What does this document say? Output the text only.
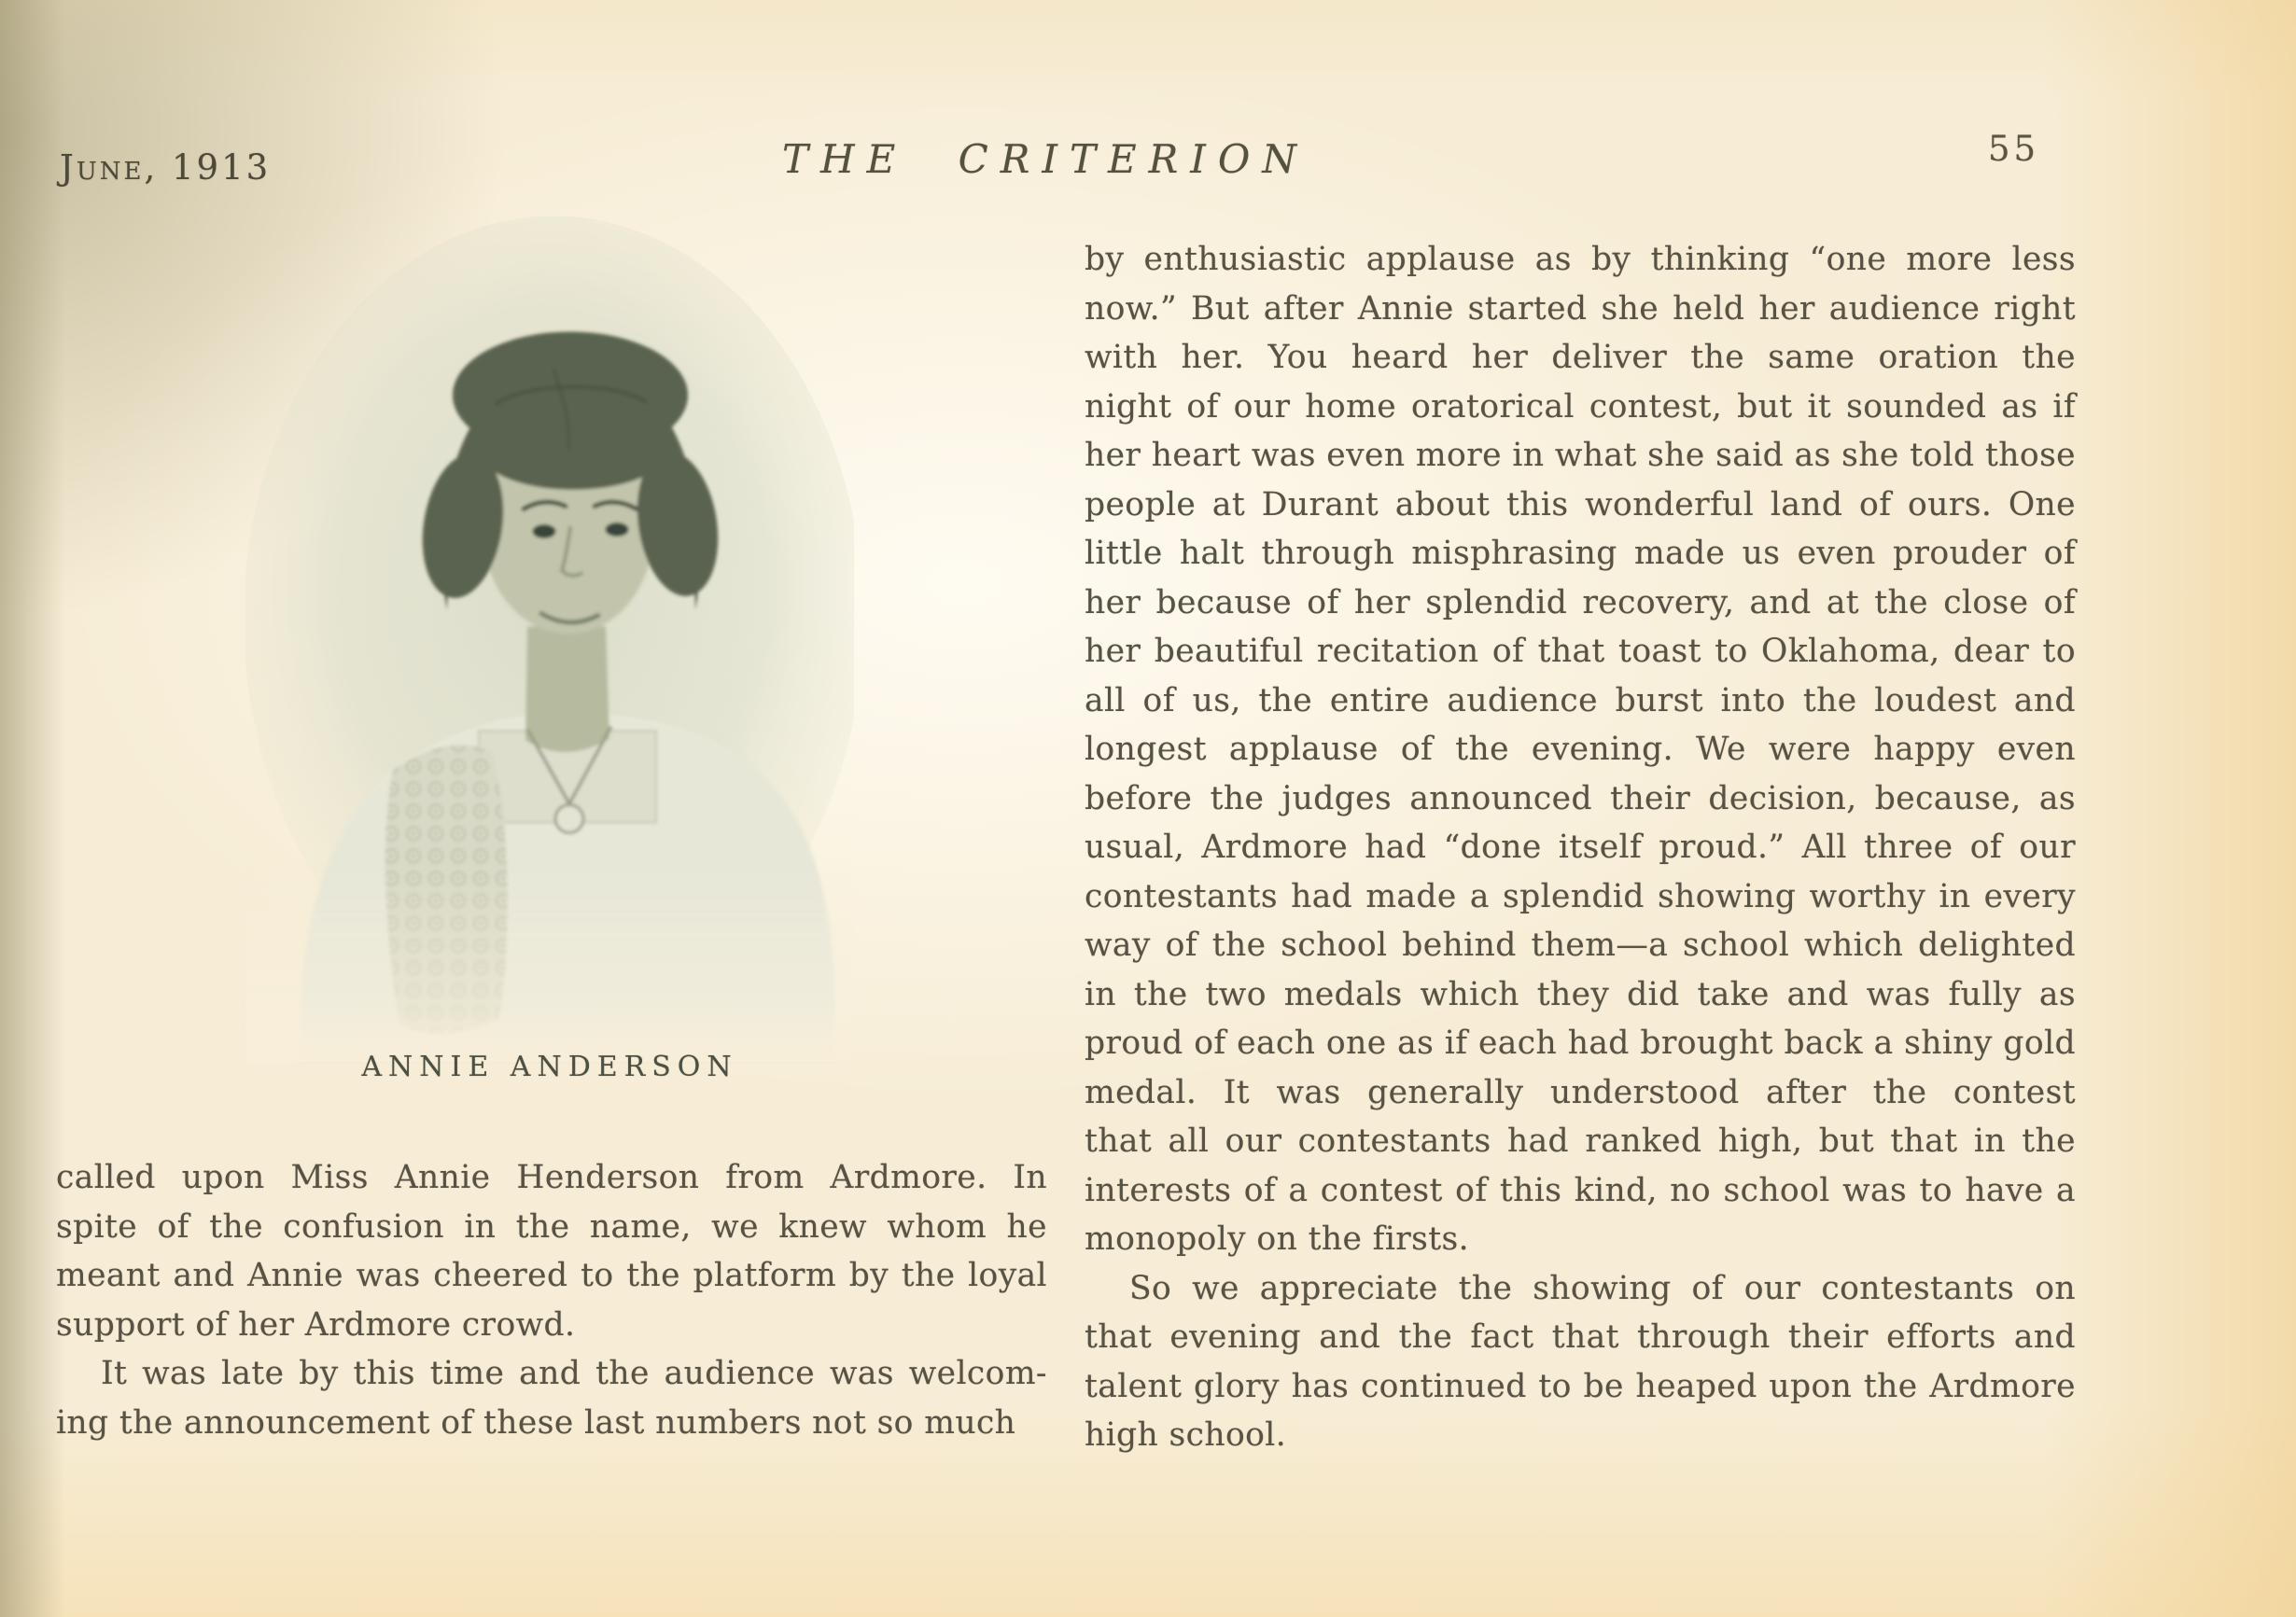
June, 1913	THE CRITERION	55
ANNIE ANDERSON
called upon Miss Annie Henderson from Ardmore. In
spite of the confusion in the name, we knew whom he
meant and Annie was cheered to the platform by the loyal
support of her Ardmore crowd.
It was late by this time and the audience was welcom-
ing the announcement of these last numbers not so much
by enthusiastic applause as by thinking “one more less
now.” But after Annie started she held her audience right
with her. You heard her deliver the same oration the
night of our home oratorical contest, but it sounded as if
her heart was even more in what she said as she told those
people at Durant about this wonderful land of ours. One
little halt through misphrasing made us even prouder of
her because of her splendid recovery, and at the close of
her beautiful recitation of that toast to Oklahoma, dear to
all of us, the entire audience burst into the loudest and
longest applause of the evening. We were happy even
before the judges announced their decision, because, as
usual, Ardmore had “done itself proud.” All three of our
contestants had made a splendid showing worthy in every
way of the school behind them—a school which delighted
in the two medals which they did take and was fully as
proud of each one as if each had brought back a shiny gold
medal. It was generally understood after the contest
that all our contestants had ranked high, but that in the
interests of a contest of this kind, no school was to have a
monopoly on the firsts.
So we appreciate the showing of our contestants on
that evening and the fact that through their efforts and
talent glory has continued to be heaped upon the Ardmore
high school.
